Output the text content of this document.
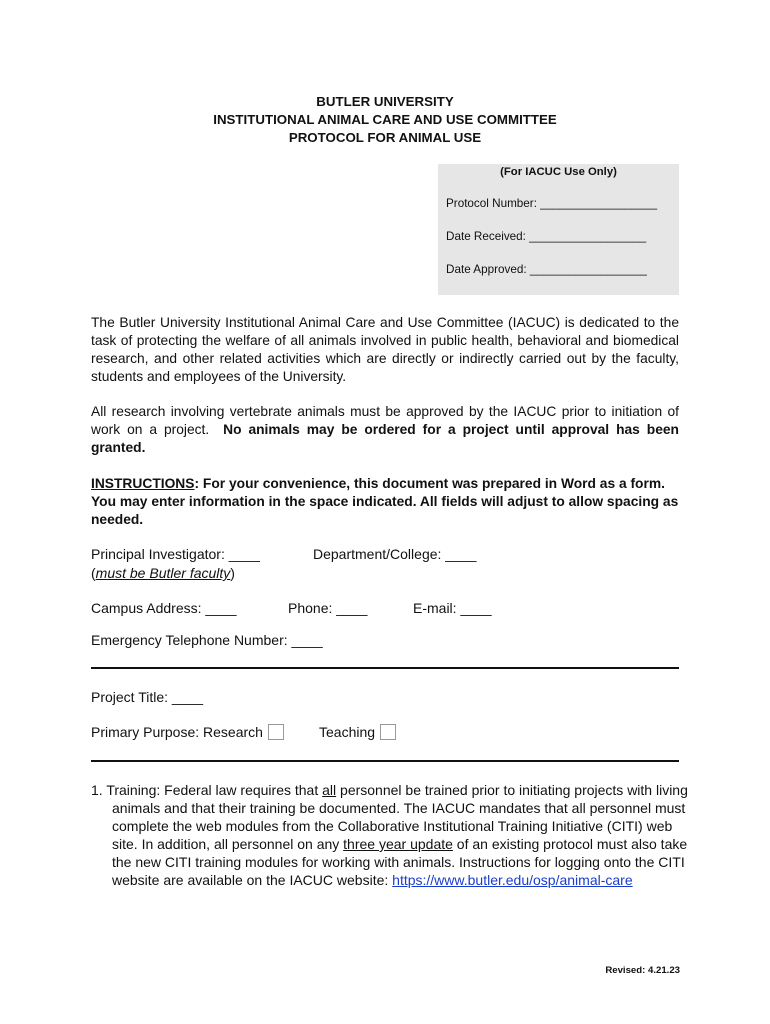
BUTLER UNIVERSITY
INSTITUTIONAL ANIMAL CARE AND USE COMMITTEE
PROTOCOL FOR ANIMAL USE
(For IACUC Use Only)
Protocol Number: __________________
Date Received: __________________
Date Approved: __________________
The Butler University Institutional Animal Care and Use Committee (IACUC) is dedicated to the task of protecting the welfare of all animals involved in public health, behavioral and biomedical research, and other related activities which are directly or indirectly carried out by the faculty, students and employees of the University.
All research involving vertebrate animals must be approved by the IACUC prior to initiation of work on a project. No animals may be ordered for a project until approval has been granted.
INSTRUCTIONS: For your convenience, this document was prepared in Word as a form. You may enter information in the space indicated. All fields will adjust to allow spacing as needed.
Principal Investigator: ____	Department/College: ____
(must be Butler faculty)
Campus Address: ____	Phone: ____	E-mail: ____
Emergency Telephone Number: ____
Project Title: ____
Primary Purpose: Research	Teaching
1. Training: Federal law requires that all personnel be trained prior to initiating projects with living animals and that their training be documented. The IACUC mandates that all personnel must complete the web modules from the Collaborative Institutional Training Initiative (CITI) web site. In addition, all personnel on any three year update of an existing protocol must also take the new CITI training modules for working with animals. Instructions for logging onto the CITI website are available on the IACUC website: https://www.butler.edu/osp/animal-care
Revised: 4.21.23
